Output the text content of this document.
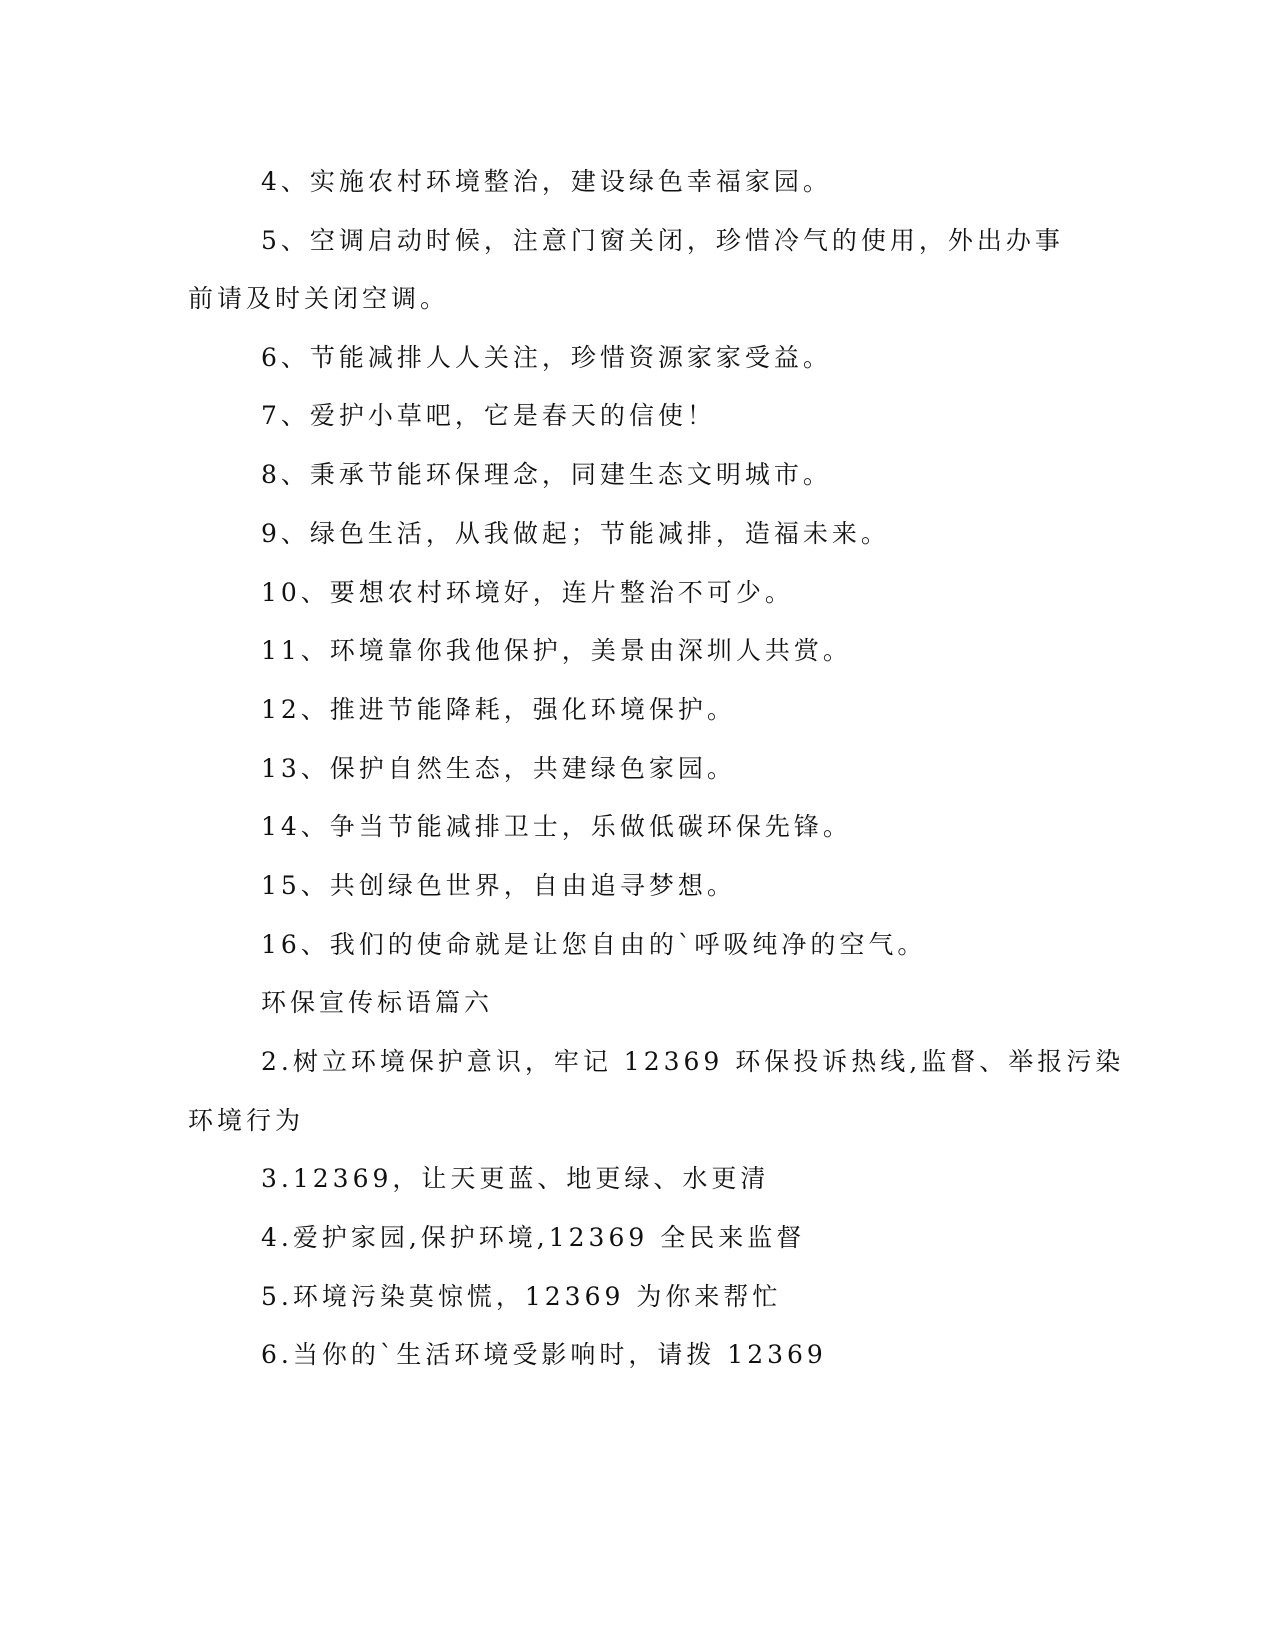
4、实施农村环境整治，建设绿色幸福家园。
5、空调启动时候，注意门窗关闭，珍惜冷气的使用，外出办事
前请及时关闭空调。
6、节能减排人人关注，珍惜资源家家受益。
7、爱护小草吧，它是春天的信使！
8、秉承节能环保理念，同建生态文明城市。
9、绿色生活，从我做起；节能减排，造福未来。
10、要想农村环境好，连片整治不可少。
11、环境靠你我他保护，美景由深圳人共赏。
12、推进节能降耗，强化环境保护。
13、保护自然生态，共建绿色家园。
14、争当节能减排卫士，乐做低碳环保先锋。
15、共创绿色世界，自由追寻梦想。
16、我们的使命就是让您自由的`呼吸纯净的空气。
环保宣传标语篇六
2.树立环境保护意识，牢记 12369 环保投诉热线,监督、举报污染
环境行为
3.12369，让天更蓝、地更绿、水更清
4.爱护家园,保护环境,12369 全民来监督
5.环境污染莫惊慌，12369 为你来帮忙
6.当你的`生活环境受影响时，请拨 12369
